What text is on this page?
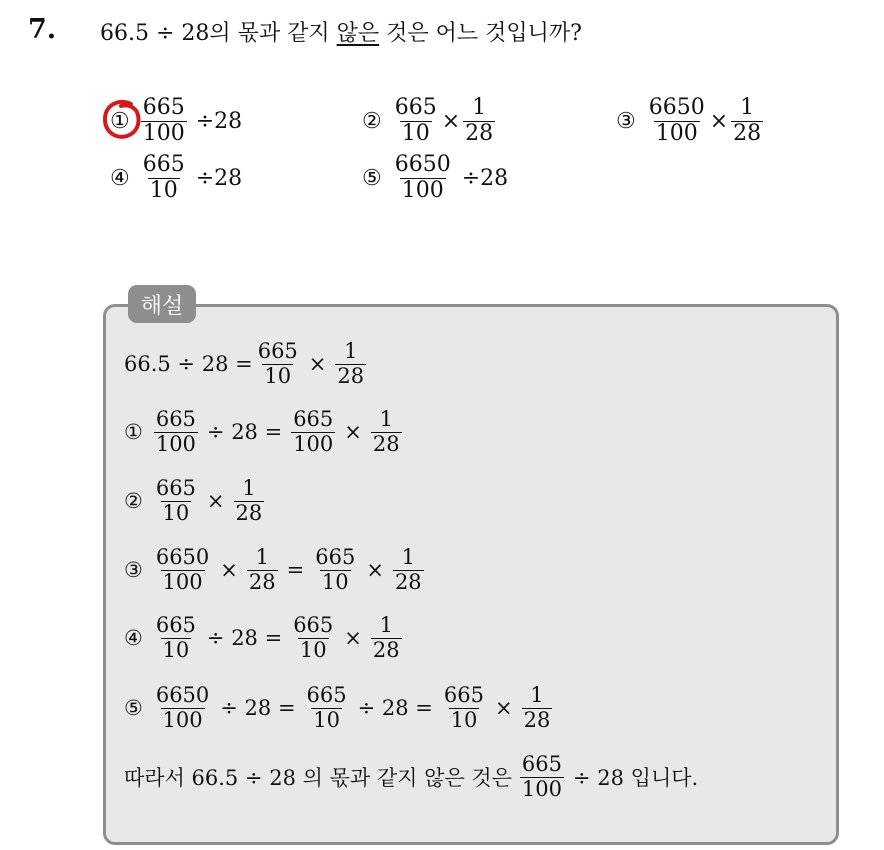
7. 66.5 ÷ 28의 몫과 같지 않은 것은 어느 것입니까?
① $\frac{665}{100} \div 28$	② $\frac{665}{10} \times \frac{1}{28}$	③ $\frac{6650}{100} \times \frac{1}{28}$
④ $\frac{665}{10} \div 28$	⑤ $\frac{6650}{100} \div 28$
해설
$66.5 \div 28 = \frac{665}{10} \times \frac{1}{28}$
① $\frac{665}{100} \div 28 = \frac{665}{100} \times \frac{1}{28}$
② $\frac{665}{10} \times \frac{1}{28}$
③ $\frac{6650}{100} \times \frac{1}{28} = \frac{665}{10} \times \frac{1}{28}$
④ $\frac{665}{10} \div 28 = \frac{665}{10} \times \frac{1}{28}$
⑤ $\frac{6650}{100} \div 28 = \frac{665}{10} \div 28 = \frac{665}{10} \times \frac{1}{28}$
따라서 66.5 ÷ 28 의 몫과 같지 않은 것은 $\frac{665}{100} \div 28$ 입니다.
